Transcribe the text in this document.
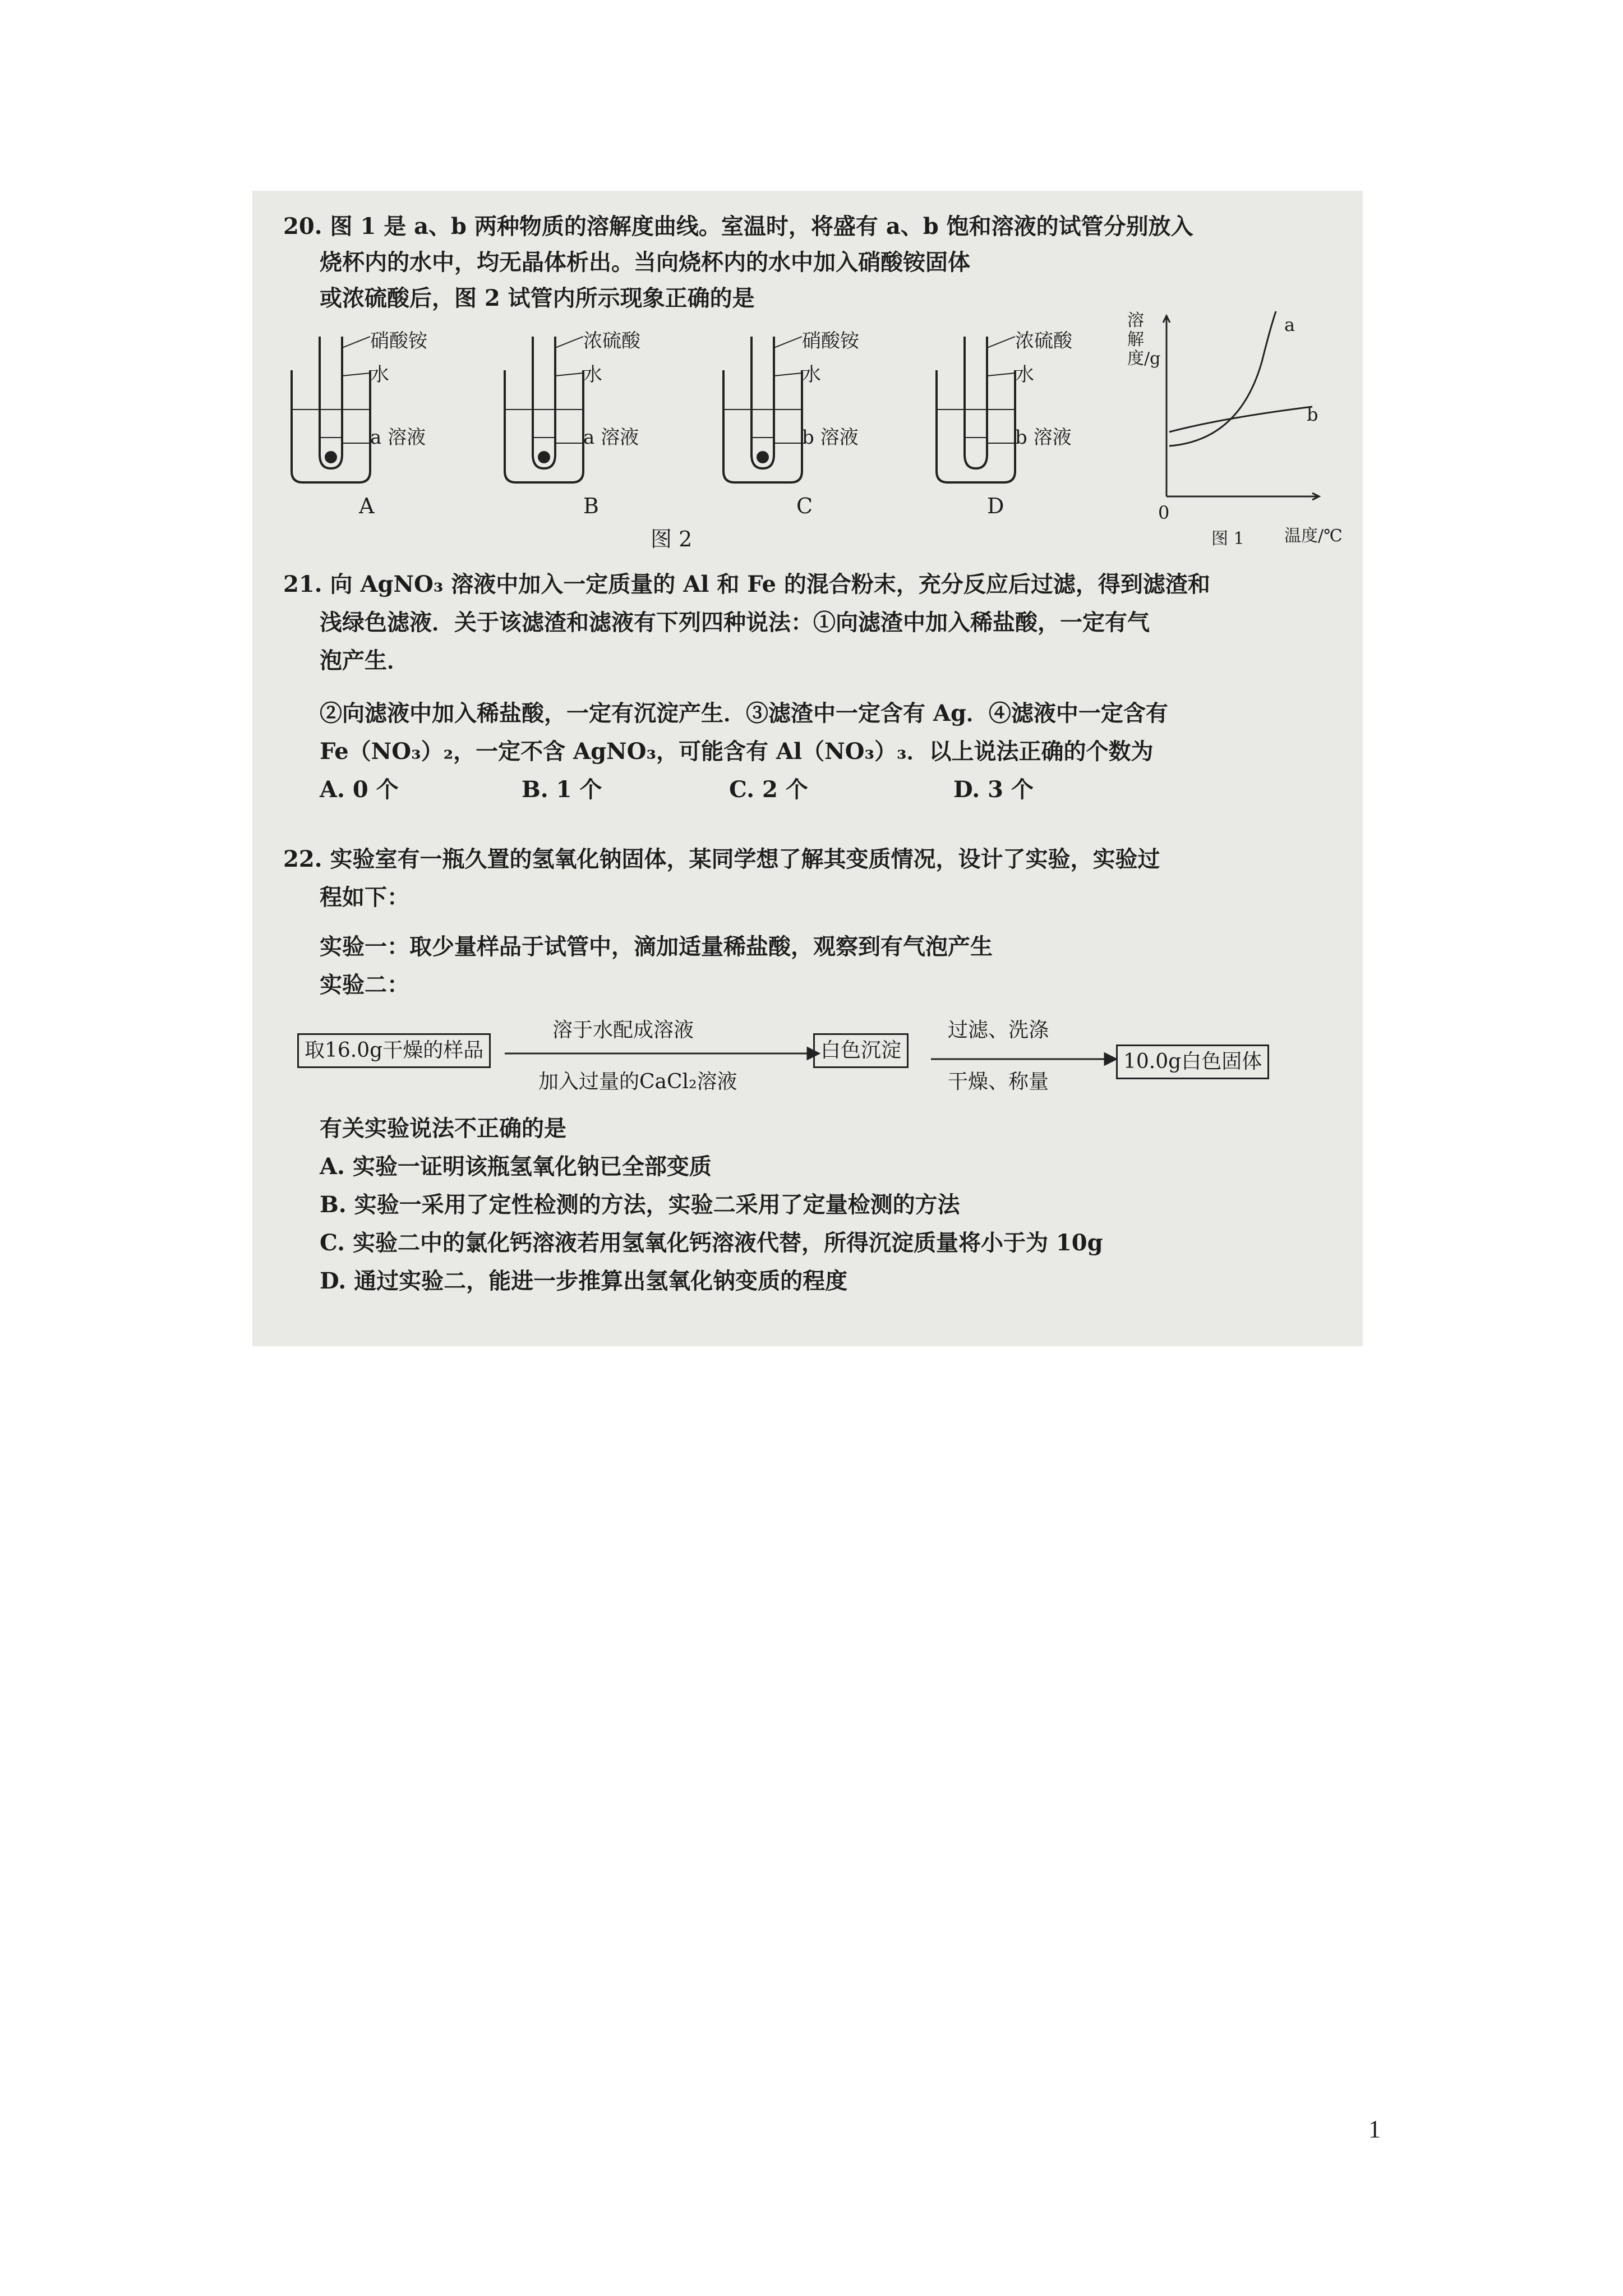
20. 图 1 是 a、b 两种物质的溶解度曲线。室温时，将盛有 a、b 饱和溶液的试管分别放入
烧杯内的水中，均无晶体析出。当向烧杯内的水中加入硝酸铵固体
或浓硫酸后，图 2 试管内所示现象正确的是
硝酸铵
水
a 溶液
A
浓硫酸
水
a 溶液
B
硝酸铵
水
b 溶液
C
浓硫酸
水
b 溶液
D
图 2
溶解度/g
温度/℃
0
a
b
图 1
21. 向 AgNO₃ 溶液中加入一定质量的 Al 和 Fe 的混合粉末，充分反应后过滤，得到滤渣和
浅绿色滤液．关于该滤渣和滤液有下列四种说法：①向滤渣中加入稀盐酸，一定有气
泡产生．
②向滤液中加入稀盐酸，一定有沉淀产生．③滤渣中一定含有 Ag．④滤液中一定含有
Fe（NO₃）₂，一定不含 AgNO₃，可能含有 Al（NO₃）₃．以上说法正确的个数为
A. 0 个	B. 1 个	C. 2 个	D. 3 个
22. 实验室有一瓶久置的氢氧化钠固体，某同学想了解其变质情况，设计了实验，实验过
程如下：
实验一：取少量样品于试管中，滴加适量稀盐酸，观察到有气泡产生
实验二：
取16.0g干燥的样品
溶于水配成溶液
加入过量的CaCl₂溶液
白色沉淀
过滤、洗涤
干燥、称量
10.0g白色固体
有关实验说法不正确的是
A. 实验一证明该瓶氢氧化钠已全部变质
B. 实验一采用了定性检测的方法，实验二采用了定量检测的方法
C. 实验二中的氯化钙溶液若用氢氧化钙溶液代替，所得沉淀质量将小于为 10g
D. 通过实验二，能进一步推算出氢氧化钠变质的程度
1
